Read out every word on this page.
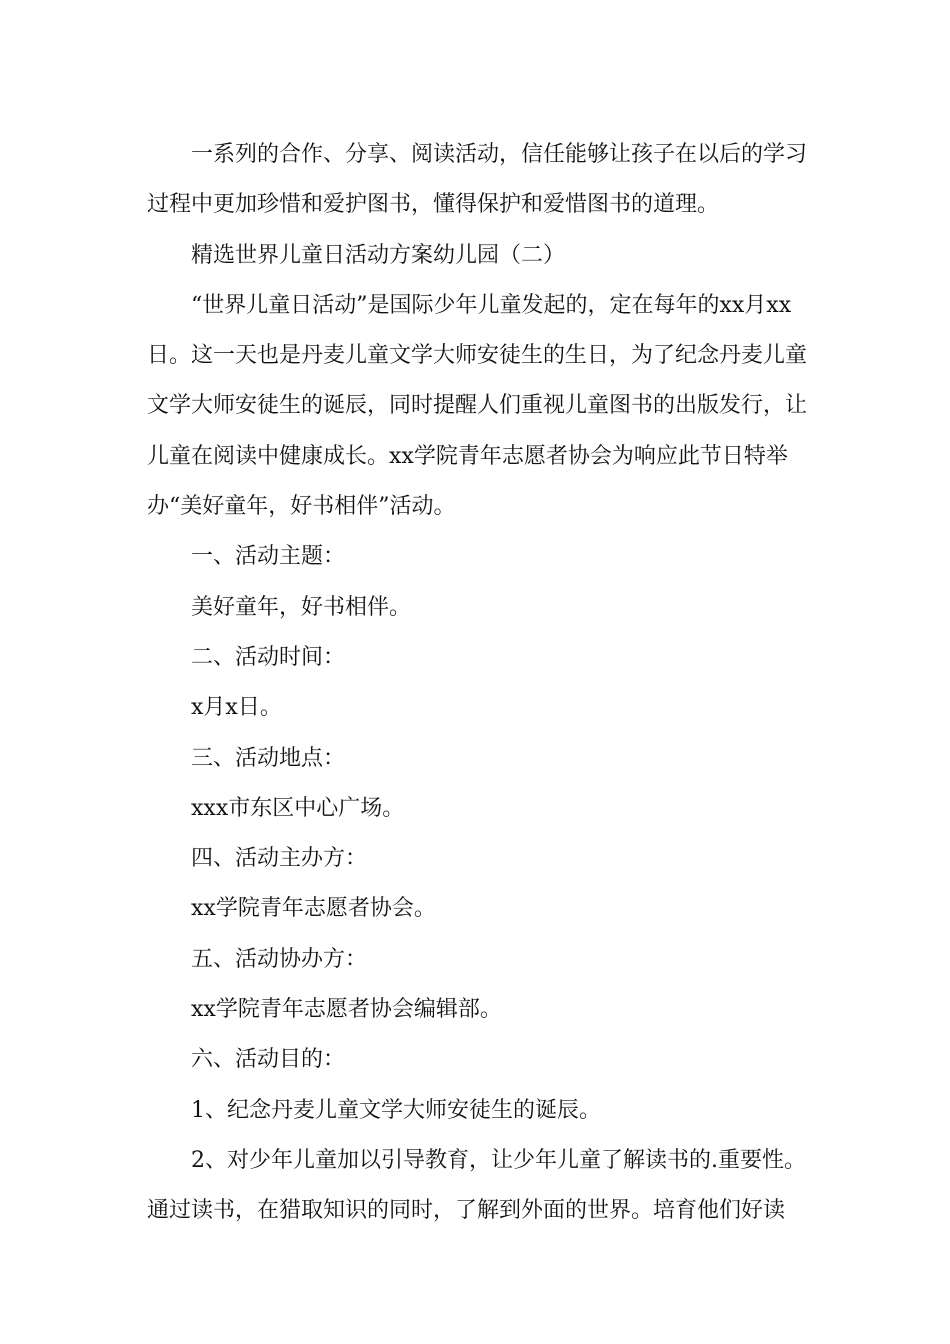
一系列的合作、分享、阅读活动，信任能够让孩子在以后的学习过程中更加珍惜和爱护图书，懂得保护和爱惜图书的道理。

精选世界儿童日活动方案幼儿园（二）

“世界儿童日活动”是国际少年儿童发起的，定在每年的xx月xx日。这一天也是丹麦儿童文学大师安徒生的生日，为了纪念丹麦儿童文学大师安徒生的诞辰，同时提醒人们重视儿童图书的出版发行，让儿童在阅读中健康成长。xx学院青年志愿者协会为响应此节日特举办“美好童年，好书相伴”活动。

一、活动主题：

美好童年，好书相伴。

二、活动时间：

x月x日。

三、活动地点：

xxx市东区中心广场。

四、活动主办方：

xx学院青年志愿者协会。

五、活动协办方：

xx学院青年志愿者协会编辑部。

六、活动目的：

1、纪念丹麦儿童文学大师安徒生的诞辰。

2、对少年儿童加以引导教育，让少年儿童了解读书的.重要性。通过读书，在猎取知识的同时，了解到外面的世界。培育他们好读
